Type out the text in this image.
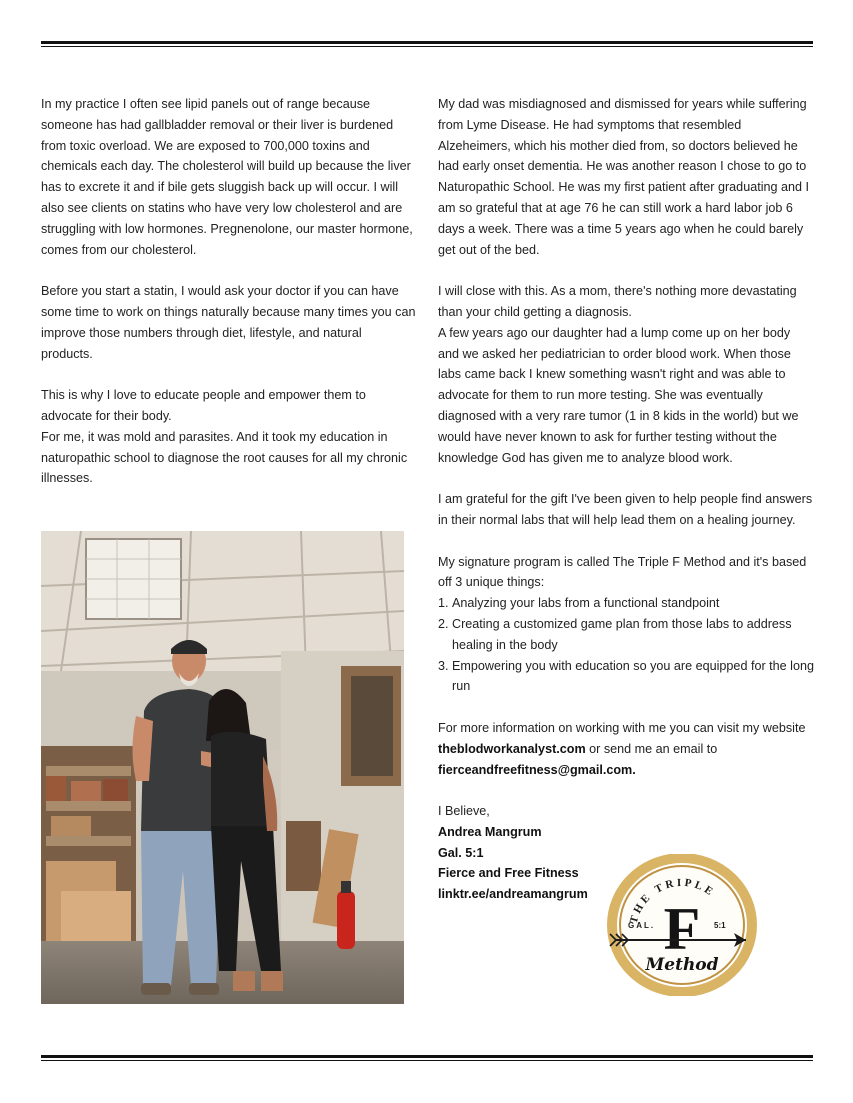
In my practice I often see lipid panels out of range because someone has had gallbladder removal or their liver is burdened from toxic overload. We are exposed to 700,000 toxins and chemicals each day. The cholesterol will build up because the liver has to excrete it and if bile gets sluggish back up will occur. I will also see clients on statins who have very low cholesterol and are struggling with low hormones. Pregnenolone, our master hormone, comes from our cholesterol.

Before you start a statin, I would ask your doctor if you can have some time to work on things naturally because many times you can improve those numbers through diet, lifestyle, and natural products.

This is why I love to educate people and empower them to advocate for their body.

For me, it was mold and parasites. And it took my education in naturopathic school to diagnose the root causes for all my chronic illnesses.

My dad was misdiagnosed and dismissed for years while suffering from Lyme Disease. He had symptoms that resembled Alzeheimers, which his mother died from, so doctors believed he had early onset dementia. He was another reason I chose to go to Naturopathic School. He was my first patient after graduating and I am so grateful that at age 76 he can still work a hard labor job 6 days a week. There was a time 5 years ago when he could barely get out of the bed.

I will close with this. As a mom, there's nothing more devastating than your child getting a diagnosis.

A few years ago our daughter had a lump come up on her body and we asked her pediatrician to order blood work. When those labs came back I knew something wasn't right and was able to advocate for them to run more testing. She was eventually diagnosed with a very rare tumor (1 in 8 kids in the world) but we would have never known to ask for further testing without the knowledge God has given me to analyze blood work.

I am grateful for the gift I've been given to help people find answers in their normal labs that will help lead them on a healing journey.

My signature program is called The Triple F Method and it's based off 3 unique things:

1. Analyzing your labs from a functional standpoint
2. Creating a customized game plan from those labs to address healing in the body
3. Empowering you with education so you are equipped for the long run

For more information on working with me you can visit my website theblodworkanalyst.com or send me an email to fierceandfreefitness@gmail.com.

I Believe,

Andrea Mangrum
Gal. 5:1
Fierce and Free Fitness
linktr.ee/andreamangrum
THE TRIPLE
F
GAL.	5:1
Method
